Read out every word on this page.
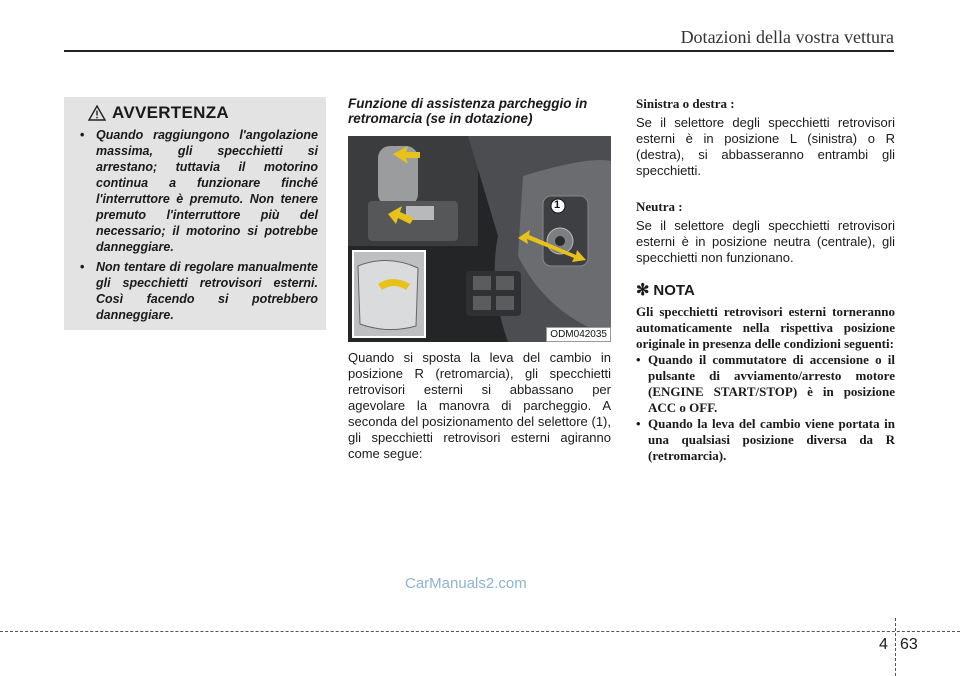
Dotazioni della vostra vettura
AVVERTENZA
• Quando raggiungono l'angolazione massima, gli specchietti si arrestano; tuttavia il motorino continua a funzionare finché l'interruttore è premuto. Non tenere premuto l'interruttore più del necessario; il motorino si potrebbe danneggiare.
• Non tentare di regolare manualmente gli specchietti retrovisori esterni. Così facendo si potrebbero danneggiare.
Funzione di assistenza parcheggio in retromarcia (se in dotazione)
1
ODM042035
Quando si sposta la leva del cambio in posizione R (retromarcia), gli specchietti retrovisori esterni si abbassano per agevolare la manovra di parcheggio. A seconda del posizionamento del selettore (1), gli specchietti retrovisori esterni agiranno come segue:
Sinistra o destra :
Se il selettore degli specchietti retrovisori esterni è in posizione L (sinistra) o R (destra), si abbasseranno entrambi gli specchietti.
Neutra :
Se il selettore degli specchietti retrovisori esterni è in posizione neutra (centrale), gli specchietti non funzionano.
✻ NOTA
Gli specchietti retrovisori esterni torneranno automaticamente nella rispettiva posizione originale in presenza delle condizioni seguenti:
• Quando il commutatore di accensione o il pulsante di avviamento/arresto motore (ENGINE START/STOP) è in posizione ACC o OFF.
• Quando la leva del cambio viene portata in una qualsiasi posizione diversa da R (retromarcia).
CarManuals2.com
4 63
